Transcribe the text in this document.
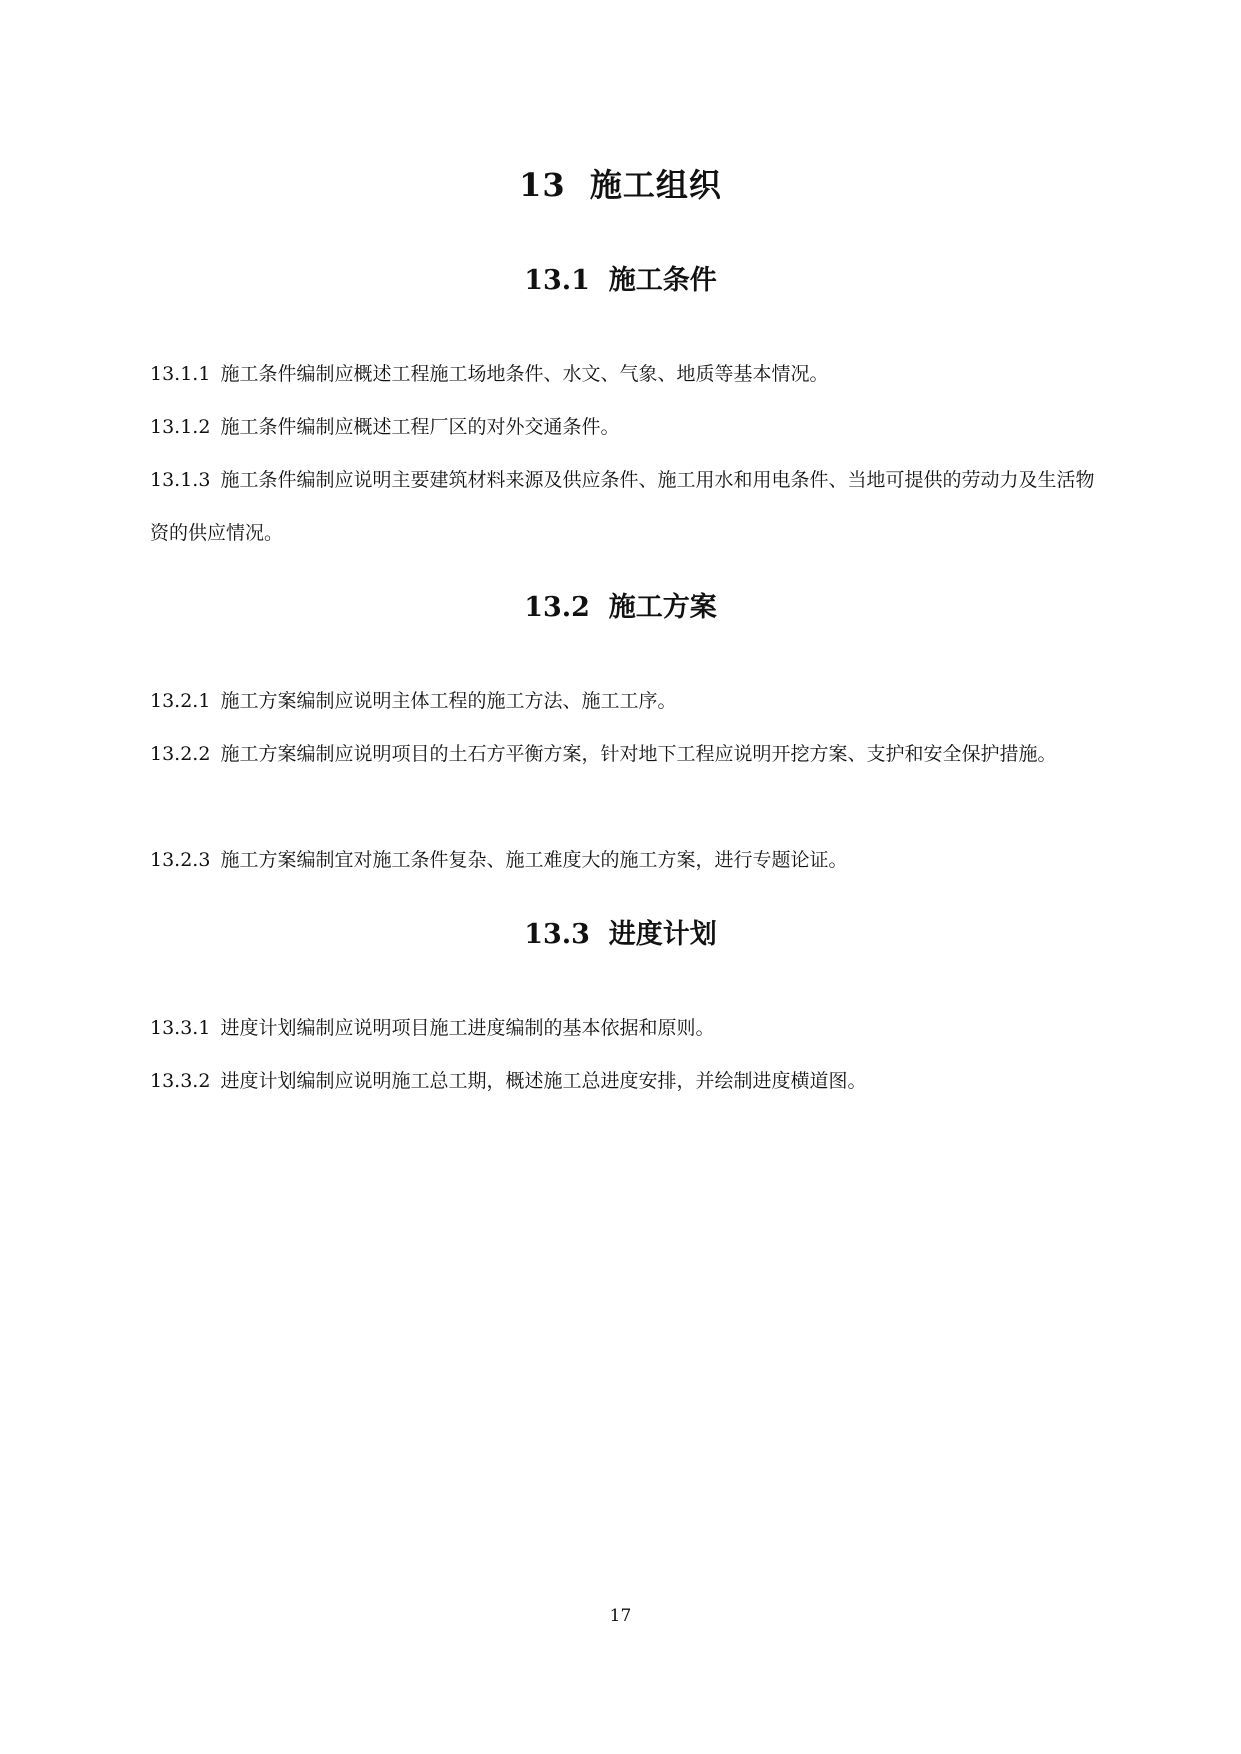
13 施工组织
13.1 施工条件

13.1.1 施工条件编制应概述工程施工场地条件、水文、气象、地质等基本情况。

13.1.2 施工条件编制应概述工程厂区的对外交通条件。

13.1.3 施工条件编制应说明主要建筑材料来源及供应条件、施工用水和用电条件、当地可提供的劳动力及生活物资的供应情况。

13.2 施工方案

13.2.1 施工方案编制应说明主体工程的施工方法、施工工序。

13.2.2 施工方案编制应说明项目的土石方平衡方案，针对地下工程应说明开挖方案、支护和安全保护措施。

13.2.3 施工方案编制宜对施工条件复杂、施工难度大的施工方案，进行专题论证。

13.3 进度计划

13.3.1 进度计划编制应说明项目施工进度编制的基本依据和原则。

13.3.2 进度计划编制应说明施工总工期，概述施工总进度安排，并绘制进度横道图。

17
